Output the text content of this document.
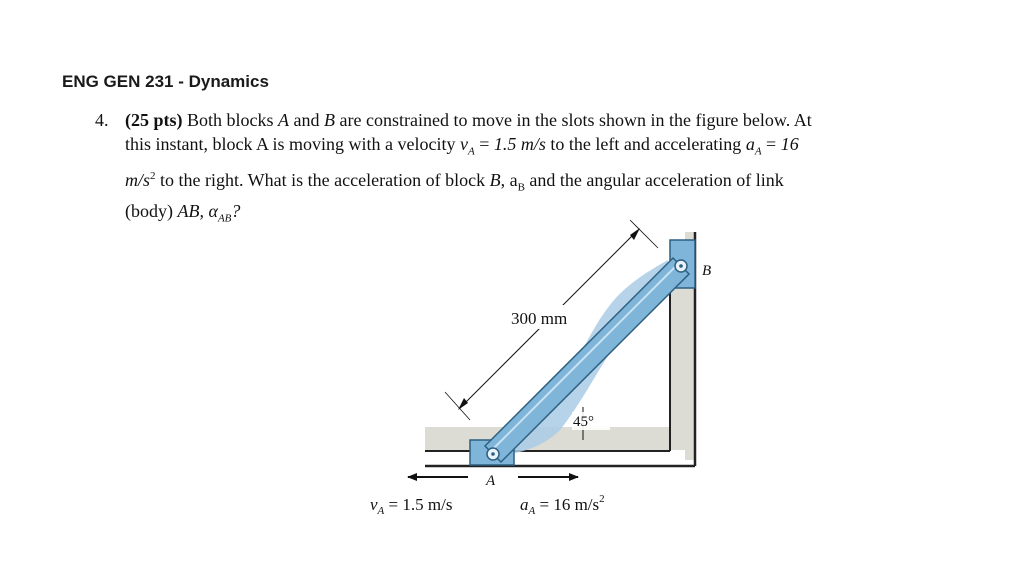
ENG GEN 231 - Dynamics
4. (25 pts) Both blocks A and B are constrained to move in the slots shown in the figure below. At
this instant, block A is moving with a velocity $v_A = 1.5$ m/s to the left and accelerating $a_A = 16$
$m/s^2$ to the right. What is the acceleration of block B, $a_B$ and the angular acceleration of link
(body) AB, $\alpha_{AB}$?
300 mm
45°
A
B
$v_A = 1.5$ m/s	$a_A = 16$ $m/s^2$
